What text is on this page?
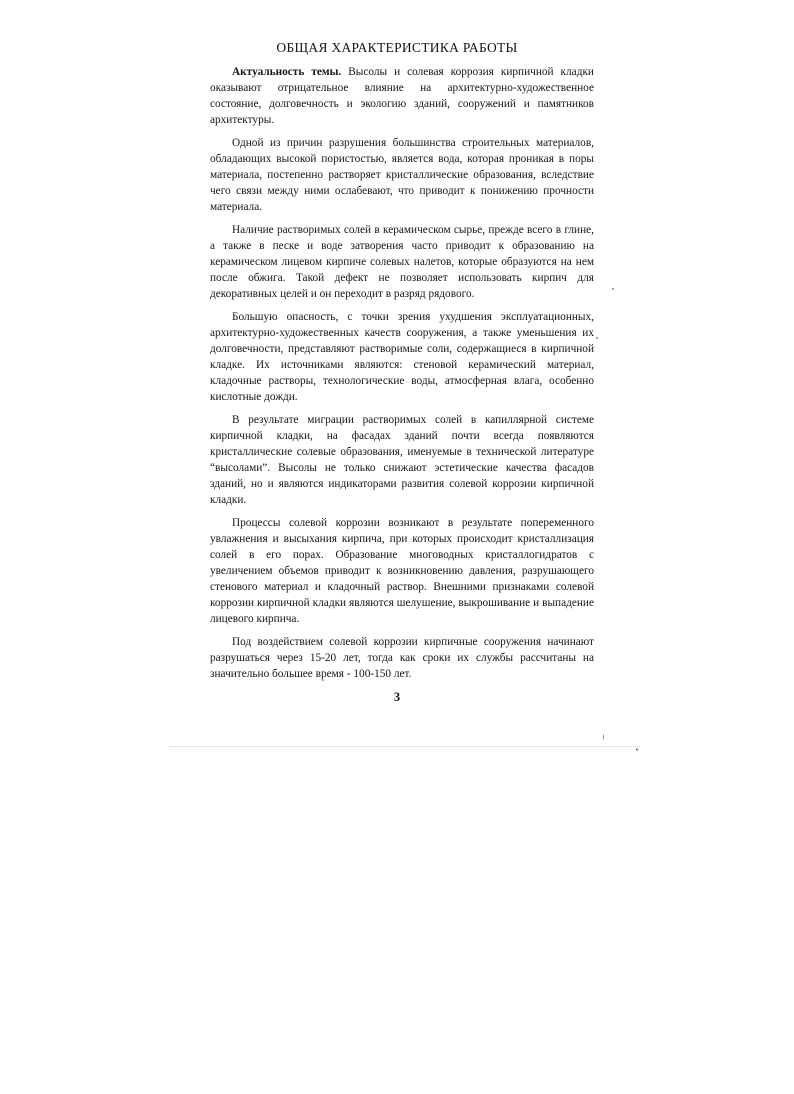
ОБЩАЯ ХАРАКТЕРИСТИКА РАБОТЫ

Актуальность темы. Высолы и солевая коррозия кирпичной кладки оказывают отрицательное влияние на архитектурно-художественное состояние, долговечность и экологию зданий, сооружений и памятников архитектуры.

Одной из причин разрушения большинства строительных материалов, обладающих высокой пористостью, является вода, которая проникая в поры материала, постепенно растворяет кристаллические образования, вследствие чего связи между ними ослабевают, что приводит к понижению прочности материала.

Наличие растворимых солей в керамическом сырье, прежде всего в глине, а также в песке и воде затворения часто приводит к образованию на керамическом лицевом кирпиче солевых налетов, которые образуются на нем после обжига. Такой дефект не позволяет использовать кирпич для декоративных целей и он переходит в разряд рядового.

Большую опасность, с точки зрения ухудшения эксплуатационных, архитектурно-художественных качеств сооружения, а также уменьшения их долговечности, представляют растворимые соли, содержащиеся в кирпичной кладке. Их источниками являются: стеновой керамический материал, кладочные растворы, технологические воды, атмосферная влага, особенно кислотные дожди.

В результате миграции растворимых солей в капиллярной системе кирпичной кладки, на фасадах зданий почти всегда появляются кристаллические солевые образования, именуемые в технической литературе “высолами”. Высолы не только снижают эстетические качества фасадов зданий, но и являются индикаторами развития солевой коррозии кирпичной кладки.

Процессы солевой коррозии возникают в результате попеременного увлажнения и высыхания кирпича, при которых происходит кристаллизация солей в его порах. Образование многоводных кристаллогидратов с увеличением объемов приводит к возникновению давления, разрушающего стенового материал и кладочный раствор. Внешними признаками солевой коррозии кирпичной кладки являются шелушение, выкрошивание и выпадение лицевого кирпича.

Под воздействием солевой коррозии кирпичные сооружения начинают разрушаться через 15-20 лет, тогда как сроки их службы рассчитаны на значительно большее время - 100-150 лет.

3
